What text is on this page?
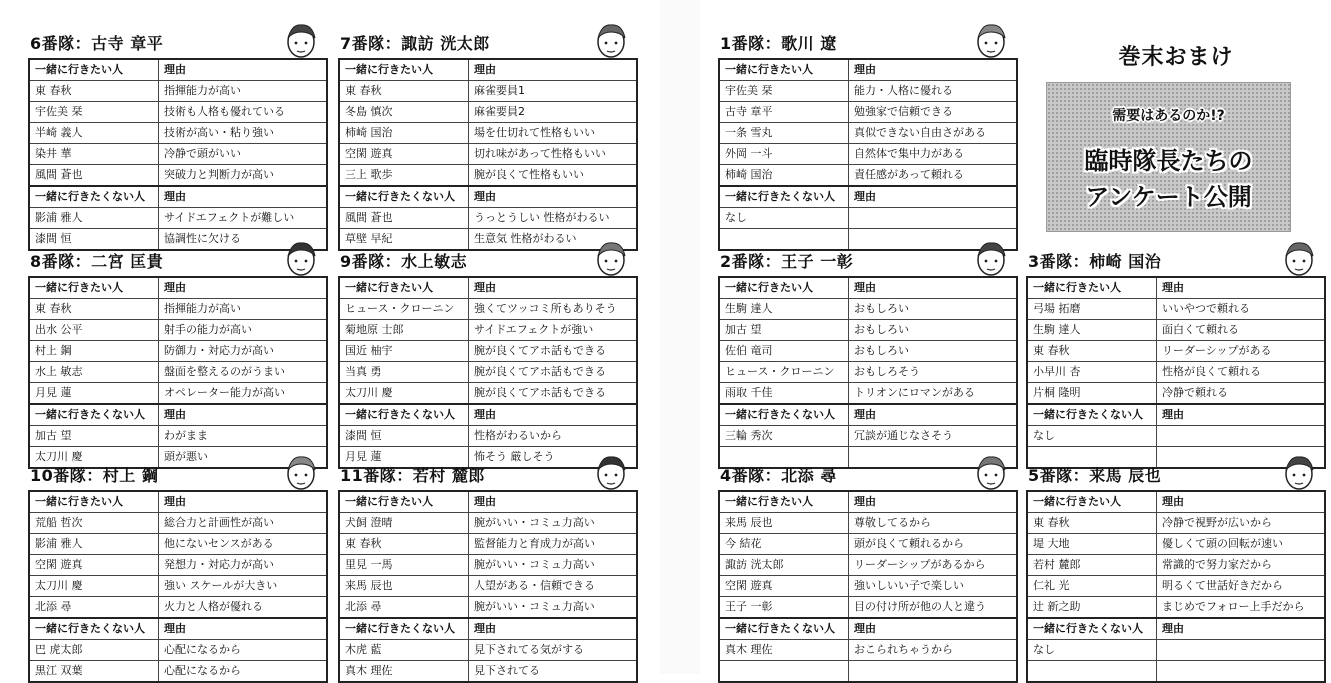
巻末おまけ
需要はあるのか!?
臨時隊長たちの
アンケート公開
6番隊：古寺 章平
一緒に行きたい人	理由
東 春秋	指揮能力が高い
宇佐美 栞	技術も人格も優れている
半崎 義人	技術が高い・粘り強い
染井 華	冷静で頭がいい
風間 蒼也	突破力と判断力が高い
一緒に行きたくない人	理由
影浦 雅人	サイドエフェクトが難しい
漆間 恒	協調性に欠ける
7番隊：諏訪 洸太郎
一緒に行きたい人	理由
東 春秋	麻雀要員1
冬島 慎次	麻雀要員2
柿崎 国治	場を仕切れて性格もいい
空閑 遊真	切れ味があって性格もいい
三上 歌歩	腕が良くて性格もいい
一緒に行きたくない人	理由
風間 蒼也	うっとうしい 性格がわるい
草壁 早紀	生意気 性格がわるい
1番隊：歌川 遼
一緒に行きたい人	理由
宇佐美 栞	能力・人格に優れる
古寺 章平	勉強家で信頼できる
一条 雪丸	真似できない自由さがある
外岡 一斗	自然体で集中力がある
柿崎 国治	責任感があって頼れる
一緒に行きたくない人	理由
なし	

8番隊：二宮 匡貴
一緒に行きたい人	理由
東 春秋	指揮能力が高い
出水 公平	射手の能力が高い
村上 鋼	防御力・対応力が高い
水上 敏志	盤面を整えるのがうまい
月見 蓮	オペレーター能力が高い
一緒に行きたくない人	理由
加古 望	わがまま
太刀川 慶	頭が悪い
9番隊：水上敏志
一緒に行きたい人	理由
ヒュース・クローニン	強くてツッコミ所もありそう
菊地原 士郎	サイドエフェクトが強い
国近 柚宇	腕が良くてアホ話もできる
当真 勇	腕が良くてアホ話もできる
太刀川 慶	腕が良くてアホ話もできる
一緒に行きたくない人	理由
漆間 恒	性格がわるいから
月見 蓮	怖そう 厳しそう
2番隊：王子 一彰
一緒に行きたい人	理由
生駒 達人	おもしろい
加古 望	おもしろい
佐伯 竜司	おもしろい
ヒュース・クローニン	おもしろそう
雨取 千佳	トリオンにロマンがある
一緒に行きたくない人	理由
三輪 秀次	冗談が通じなさそう

3番隊：柿崎 国治
一緒に行きたい人	理由
弓場 拓磨	いいやつで頼れる
生駒 達人	面白くて頼れる
東 春秋	リーダーシップがある
小早川 杏	性格が良くて頼れる
片桐 隆明	冷静で頼れる
一緒に行きたくない人	理由
なし	

10番隊：村上 鋼
一緒に行きたい人	理由
荒船 哲次	総合力と計画性が高い
影浦 雅人	他にないセンスがある
空閑 遊真	発想力・対応力が高い
太刀川 慶	強い スケールが大きい
北添 尋	火力と人格が優れる
一緒に行きたくない人	理由
巴 虎太郎	心配になるから
黒江 双葉	心配になるから
11番隊：若村 麓郎
一緒に行きたい人	理由
犬飼 澄晴	腕がいい・コミュ力高い
東 春秋	監督能力と育成力が高い
里見 一馬	腕がいい・コミュ力高い
来馬 辰也	人望がある・信頼できる
北添 尋	腕がいい・コミュ力高い
一緒に行きたくない人	理由
木虎 藍	見下されてる気がする
真木 理佐	見下されてる
4番隊：北添 尋
一緒に行きたい人	理由
来馬 辰也	尊敬してるから
今 結花	頭が良くて頼れるから
諏訪 洸太郎	リーダーシップがあるから
空閑 遊真	強いしいい子で楽しい
王子 一彰	目の付け所が他の人と違う
一緒に行きたくない人	理由
真木 理佐	おこられちゃうから

5番隊：来馬 辰也
一緒に行きたい人	理由
東 春秋	冷静で視野が広いから
堤 大地	優しくて頭の回転が速い
若村 麓郎	常識的で努力家だから
仁礼 光	明るくて世話好きだから
辻 新之助	まじめでフォロー上手だから
一緒に行きたくない人	理由
なし	
